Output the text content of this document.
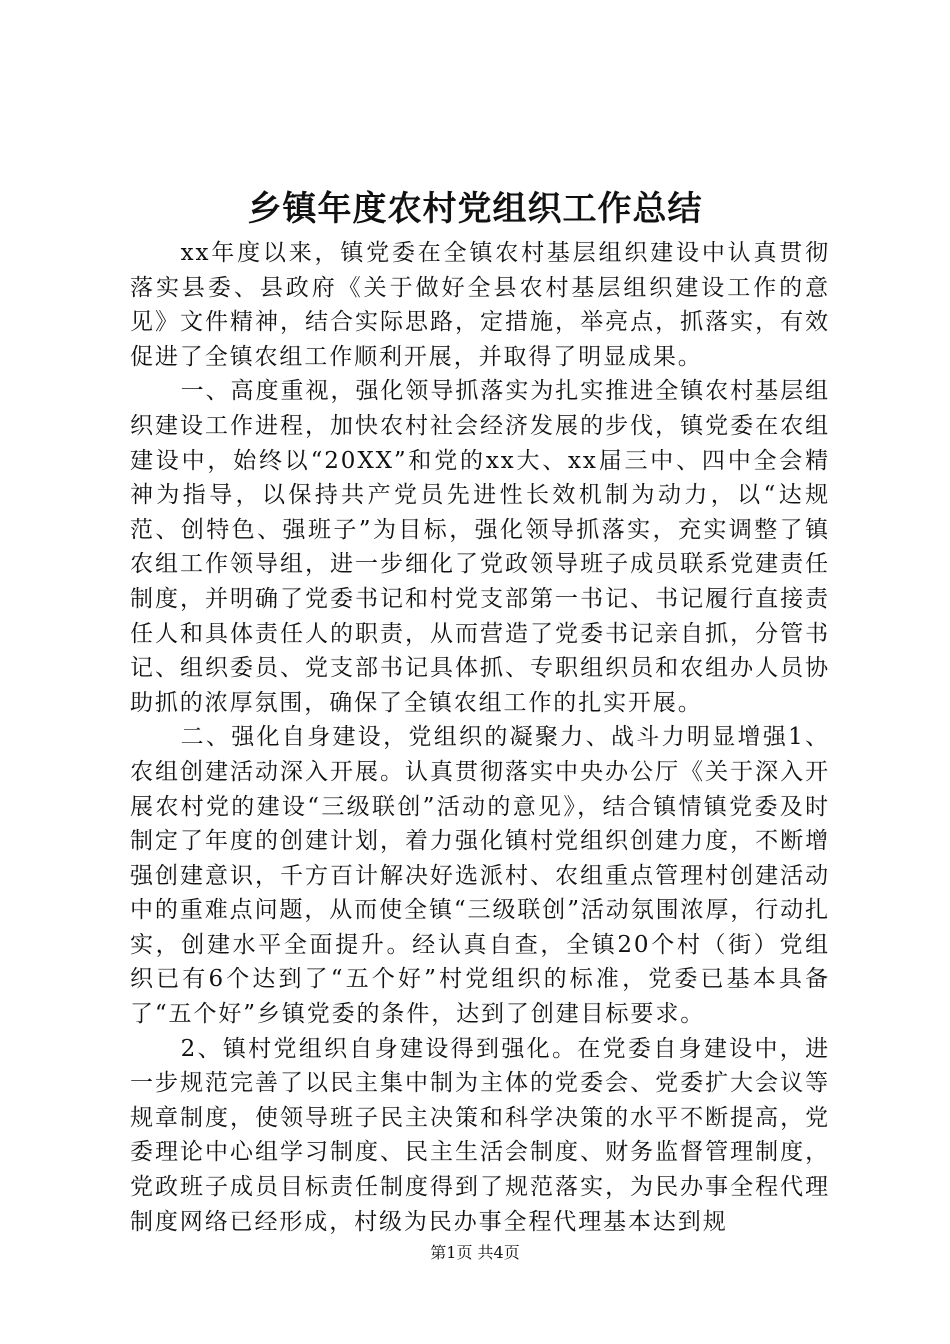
乡镇年度农村党组织工作总结

xx年度以来，镇党委在全镇农村基层组织建设中认真贯彻落实县委、县政府《关于做好全县农村基层组织建设工作的意见》文件精神，结合实际思路，定措施，举亮点，抓落实，有效促进了全镇农组工作顺利开展，并取得了明显成果。

一、高度重视，强化领导抓落实为扎实推进全镇农村基层组织建设工作进程，加快农村社会经济发展的步伐，镇党委在农组建设中，始终以“20XX”和党的xx大、xx届三中、四中全会精神为指导，以保持共产党员先进性长效机制为动力，以“达规范、创特色、强班子”为目标，强化领导抓落实，充实调整了镇农组工作领导组，进一步细化了党政领导班子成员联系党建责任制度，并明确了党委书记和村党支部第一书记、书记履行直接责任人和具体责任人的职责，从而营造了党委书记亲自抓，分管书记、组织委员、党支部书记具体抓、专职组织员和农组办人员协助抓的浓厚氛围，确保了全镇农组工作的扎实开展。

二、强化自身建设，党组织的凝聚力、战斗力明显增强1、农组创建活动深入开展。认真贯彻落实中央办公厅《关于深入开展农村党的建设“三级联创”活动的意见》，结合镇情镇党委及时制定了年度的创建计划，着力强化镇村党组织创建力度，不断增强创建意识，千方百计解决好选派村、农组重点管理村创建活动中的重难点问题，从而使全镇“三级联创”活动氛围浓厚，行动扎实，创建水平全面提升。经认真自查，全镇20个村（街）党组织已有6个达到了“五个好”村党组织的标准，党委已基本具备了“五个好”乡镇党委的条件，达到了创建目标要求。

2、镇村党组织自身建设得到强化。在党委自身建设中，进一步规范完善了以民主集中制为主体的党委会、党委扩大会议等规章制度，使领导班子民主决策和科学决策的水平不断提高，党委理论中心组学习制度、民主生活会制度、财务监督管理制度，党政班子成员目标责任制度得到了规范落实，为民办事全程代理制度网络已经形成，村级为民办事全程代理基本达到规

第1页 共4页
